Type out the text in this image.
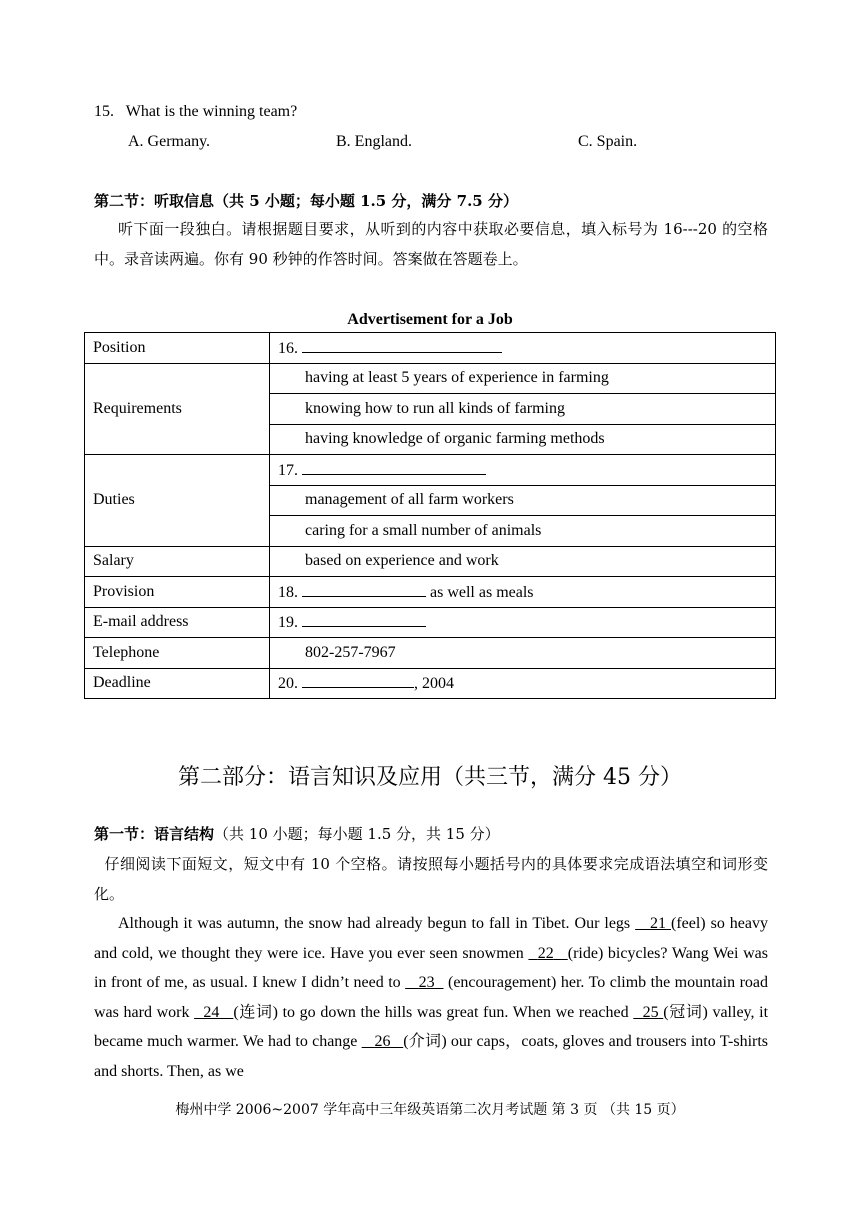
15. What is the winning team?
A. Germany.	B. England.	C. Spain.
第二节：听取信息（共 5 小题；每小题 1.5 分，满分 7.5 分）
听下面一段独白。请根据题目要求，从听到的内容中获取必要信息，填入标号为 16---20 的空格中。录音读两遍。你有 90 秒钟的作答时间。答案做在答题卷上。
Advertisement for a Job
Position	16.
Requirements	having at least 5 years of experience in farming
	knowing how to run all kinds of farming
	having knowledge of organic farming methods
Duties	17.
	management of all farm workers
	caring for a small number of animals
Salary	based on experience and work
Provision	18. as well as meals
E-mail address	19.
Telephone	802-257-7967
Deadline	20. , 2004
第二部分：语言知识及应用（共三节，满分 45 分）
第一节：语言结构（共 10 小题；每小题 1.5 分，共 15 分）
仔细阅读下面短文，短文中有 10 个空格。请按照每小题括号内的具体要求完成语法填空和词形变化。
Although it was autumn, the snow had already begun to fall in Tibet. Our legs    21 (feel) so heavy and cold, we thought they were ice. Have you ever seen snowmen   22 (ride) bicycles? Wang Wei was in front of me, as usual. I knew I didn’t need to    23   (encouragement) her. To climb the mountain road was hard work   24 (连词) to go down the hills was great fun. When we reached   25 (冠词) valley, it became much warmer. We had to change    26 (介词) our caps，coats, gloves and trousers into T-shirts and shorts. Then, as we
梅州中学 2006~2007 学年高中三年级英语第二次月考试题 第 3 页 （共 15 页）
